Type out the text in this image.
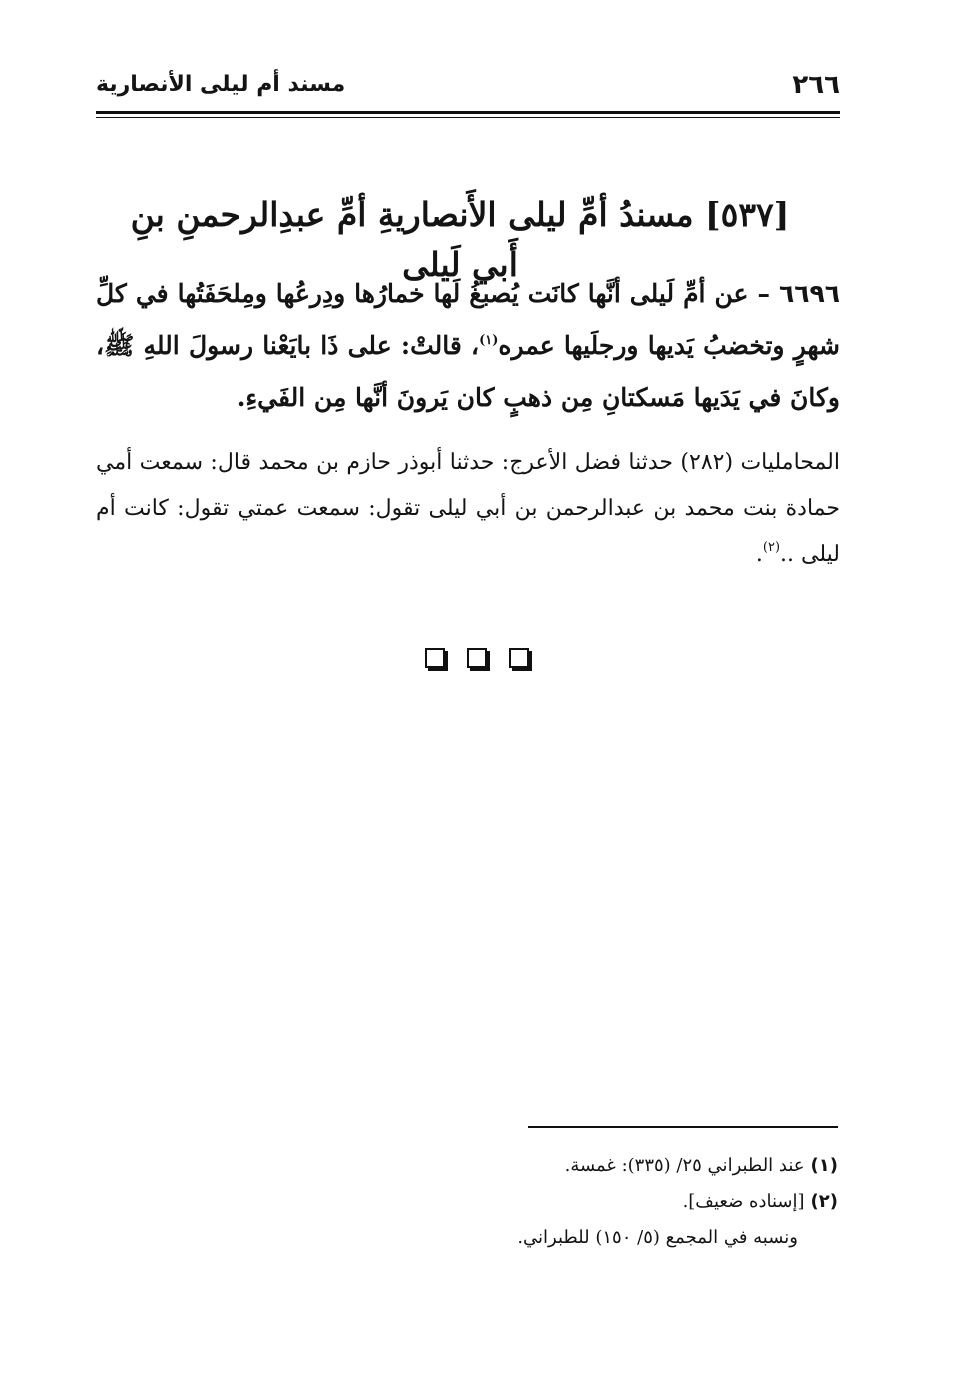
٢٦٦
مسند أم ليلى الأنصارية
[٥٣٧] مسندُ أمِّ ليلى الأَنصاريةِ أمِّ عبدِالرحمنِ بنِ أَبي لَيلى
٦٦٩٦ – عن أمِّ لَيلى أنَّها كانَت يُصبغُ لَها خمارُها ودِرعُها ومِلحَفَتُها في كلِّ شهرٍ وتخضبُ يَديها ورجلَيها عمره$^{(١)}$، قالتْ: على ذَا بايَعْنا رسولَ اللهِ ﷺ، وكانَ في يَدَيها مَسكتانِ مِن ذهبٍ كان يَرونَ أنَّها مِن الفَيءِ.
المحامليات (٢٨٢) حدثنا فضل الأعرج: حدثنا أبوذر حازم بن محمد قال: سمعت أمي حمادة بنت محمد بن عبدالرحمن بن أبي ليلى تقول: سمعت عمتي تقول: كانت أم ليلى ..$^{(٢)}$.
(١)عند الطبراني ٢٥/ (٣٣٥): غمسة.
(٢)[إسناده ضعيف].
ونسبه في المجمع (٥/ ١٥٠) للطبراني.
